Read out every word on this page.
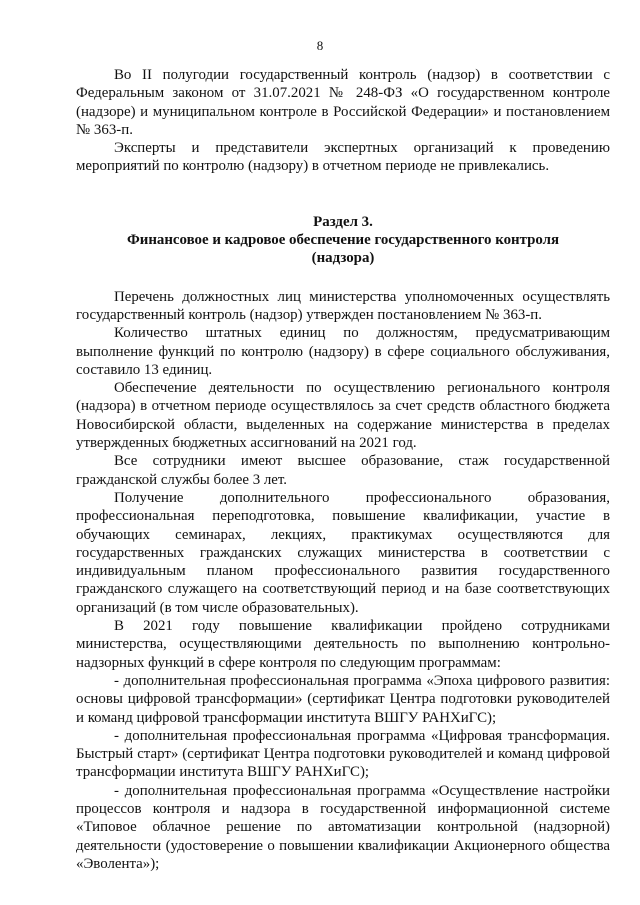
8

Во II полугодии государственный контроль (надзор) в соответствии с Федеральным законом от 31.07.2021 № 248-ФЗ «О государственном контроле (надзоре) и муниципальном контроле в Российской Федерации» и постановлением № 363-п.

Эксперты и представители экспертных организаций к проведению мероприятий по контролю (надзору) в отчетном периоде не привлекались.

Раздел 3.
Финансовое и кадровое обеспечение государственного контроля
(надзора)

Перечень должностных лиц министерства уполномоченных осуществлять государственный контроль (надзор) утвержден постановлением № 363-п.

Количество штатных единиц по должностям, предусматривающим выполнение функций по контролю (надзору) в сфере социального обслуживания, составило 13 единиц.

Обеспечение деятельности по осуществлению регионального контроля (надзора) в отчетном периоде осуществлялось за счет средств областного бюджета Новосибирской области, выделенных на содержание министерства в пределах утвержденных бюджетных ассигнований на 2021 год.

Все сотрудники имеют высшее образование, стаж государственной гражданской службы более 3 лет.

Получение дополнительного профессионального образования, профессиональная переподготовка, повышение квалификации, участие в обучающих семинарах, лекциях, практикумах осуществляются для государственных гражданских служащих министерства в соответствии с индивидуальным планом профессионального развития государственного гражданского служащего на соответствующий период и на базе соответствующих организаций (в том числе образовательных).

В 2021 году повышение квалификации пройдено сотрудниками министерства, осуществляющими деятельность по выполнению контрольно-надзорных функций в сфере контроля по следующим программам:

- дополнительная профессиональная программа «Эпоха цифрового развития: основы цифровой трансформации» (сертификат Центра подготовки руководителей и команд цифровой трансформации института ВШГУ РАНХиГС);

- дополнительная профессиональная программа «Цифровая трансформация. Быстрый старт» (сертификат Центра подготовки руководителей и команд цифровой трансформации института ВШГУ РАНХиГС);

- дополнительная профессиональная программа «Осуществление настройки процессов контроля и надзора в государственной информационной системе «Типовое облачное решение по автоматизации контрольной (надзорной) деятельности (удостоверение о повышении квалификации Акционерного общества «Эволента»);
